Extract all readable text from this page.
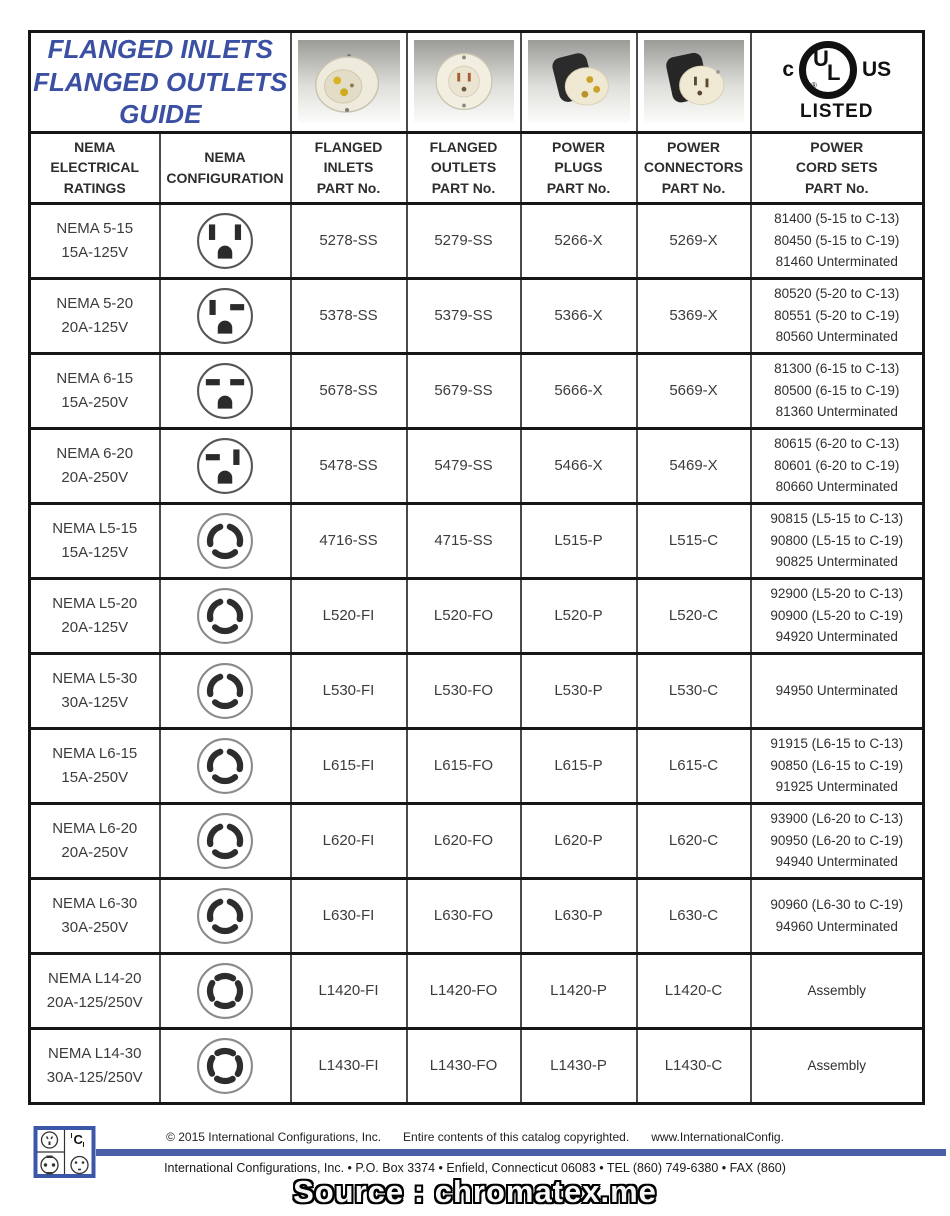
FLANGED INLETS
FLANGED OUTLETS
GUIDE

c U
L
®
US
LISTED

NEMA
ELECTRICAL
RATINGS	NEMA
CONFIGURATION	FLANGED
INLETS
PART No.	FLANGED
OUTLETS
PART No.	POWER
PLUGS
PART No.	POWER
CONNECTORS
PART No.	POWER
CORD SETS
PART No.

NEMA 5-15
15A-125V		5278-SS	5279-SS	5266-X	5269-X	81400 (5-15 to C-13)
80450 (5-15 to C-19)
81460 Unterminated

NEMA 5-20
20A-125V		5378-SS	5379-SS	5366-X	5369-X	80520 (5-20 to C-13)
80551 (5-20 to C-19)
80560 Unterminated

NEMA 6-15
15A-250V		5678-SS	5679-SS	5666-X	5669-X	81300 (6-15 to C-13)
80500 (6-15 to C-19)
81360 Unterminated

NEMA 6-20
20A-250V		5478-SS	5479-SS	5466-X	5469-X	80615 (6-20 to C-13)
80601 (6-20 to C-19)
80660 Unterminated

NEMA L5-15
15A-125V		4716-SS	4715-SS	L515-P	L515-C	90815 (L5-15 to C-13)
90800 (L5-15 to C-19)
90825 Unterminated

NEMA L5-20
20A-125V		L520-FI	L520-FO	L520-P	L520-C	92900 (L5-20 to C-13)
90900 (L5-20 to C-19)
94920 Unterminated

NEMA L5-30
30A-125V		L530-FI	L530-FO	L530-P	L530-C	94950 Unterminated

NEMA L6-15
15A-250V		L615-FI	L615-FO	L615-P	L615-C	91915 (L6-15 to C-13)
90850 (L6-15 to C-19)
91925 Unterminated

NEMA L6-20
20A-250V		L620-FI	L620-FO	L620-P	L620-C	93900 (L6-20 to C-13)
90950 (L6-20 to C-19)
94940 Unterminated

NEMA L6-30
30A-250V		L630-FI	L630-FO	L630-P	L630-C	90960 (L6-30 to C-19)
94960 Unterminated

NEMA L14-20
20A-125/250V		L1420-FI	L1420-FO	L1420-P	L1420-C	Assembly

NEMA L14-30
30A-125/250V		L1430-FI	L1430-FO	L1430-P	L1430-C	Assembly
I C I
© 2015 International Configurations, Inc. Entire contents of this catalog copyrighted. www.InternationalConfig.
International Configurations, Inc. • P.O. Box 3374 • Enfield, Connecticut 06083 • TEL (860) 749-6380 • FAX (860)
Source : chromatex.me
